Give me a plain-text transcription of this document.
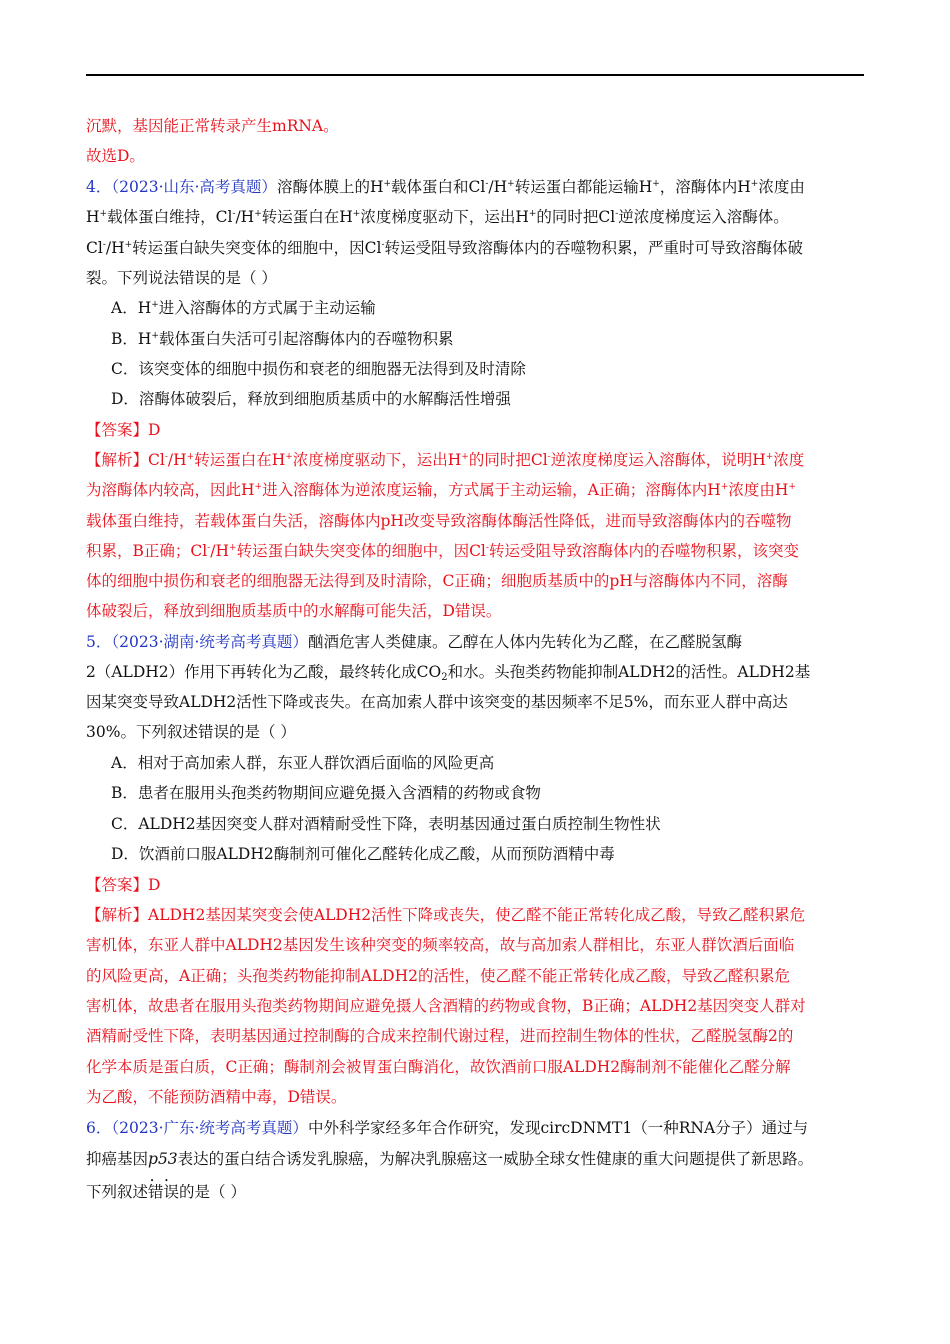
沉默，基因能正常转录产生mRNA。
故选D。
4．（2023·山东·高考真题）溶酶体膜上的H+载体蛋白和Cl-/H+转运蛋白都能运输H+，溶酶体内H+浓度由
H+载体蛋白维持，Cl-/H+转运蛋白在H+浓度梯度驱动下，运出H+的同时把Cl-逆浓度梯度运入溶酶体。
Cl-/H+转运蛋白缺失突变体的细胞中，因Cl-转运受阻导致溶酶体内的吞噬物积累，严重时可导致溶酶体破
裂。下列说法错误的是（ ）
A．H+进入溶酶体的方式属于主动运输
B．H+载体蛋白失活可引起溶酶体内的吞噬物积累
C．该突变体的细胞中损伤和衰老的细胞器无法得到及时清除
D．溶酶体破裂后，释放到细胞质基质中的水解酶活性增强
【答案】D
【解析】Cl-/H+转运蛋白在H+浓度梯度驱动下，运出H+的同时把Cl-逆浓度梯度运入溶酶体，说明H+浓度
为溶酶体内较高，因此H+进入溶酶体为逆浓度运输，方式属于主动运输，A正确；溶酶体内H+浓度由H+
载体蛋白维持，若载体蛋白失活，溶酶体内pH改变导致溶酶体酶活性降低，进而导致溶酶体内的吞噬物
积累，B正确；Cl-/H+转运蛋白缺失突变体的细胞中，因Cl-转运受阻导致溶酶体内的吞噬物积累，该突变
体的细胞中损伤和衰老的细胞器无法得到及时清除，C正确；细胞质基质中的pH与溶酶体内不同，溶酶
体破裂后，释放到细胞质基质中的水解酶可能失活，D错误。
5．（2023·湖南·统考高考真题）酗酒危害人类健康。乙醇在人体内先转化为乙醛，在乙醛脱氢酶
2（ALDH2）作用下再转化为乙酸，最终转化成$CO_2$和水。头孢类药物能抑制ALDH2的活性。ALDH2基
因某突变导致ALDH2活性下降或丧失。在高加索人群中该突变的基因频率不足5%，而东亚人群中高达
30%。下列叙述错误的是（ ）
A．相对于高加索人群，东亚人群饮酒后面临的风险更高
B．患者在服用头孢类药物期间应避免摄入含酒精的药物或食物
C．ALDH2基因突变人群对酒精耐受性下降，表明基因通过蛋白质控制生物性状
D．饮酒前口服ALDH2酶制剂可催化乙醛转化成乙酸，从而预防酒精中毒
【答案】D
【解析】ALDH2基因某突变会使ALDH2活性下降或丧失，使乙醛不能正常转化成乙酸，导致乙醛积累危
害机体，东亚人群中ALDH2基因发生该种突变的频率较高，故与高加索人群相比，东亚人群饮酒后面临
的风险更高，A正确；头孢类药物能抑制ALDH2的活性，使乙醛不能正常转化成乙酸，导致乙醛积累危
害机体，故患者在服用头孢类药物期间应避免摄人含酒精的药物或食物，B正确；ALDH2基因突变人群对
酒精耐受性下降，表明基因通过控制酶的合成来控制代谢过程，进而控制生物体的性状，乙醛脱氢酶2的
化学本质是蛋白质，C正确；酶制剂会被胃蛋白酶消化，故饮酒前口服ALDH2酶制剂不能催化乙醛分解
为乙酸，不能预防酒精中毒，D错误。
6．（2023·广东·统考高考真题）中外科学家经多年合作研究，发现circDNMT1（一种RNA分子）通过与
抑癌基因p53表达的蛋白结合诱发乳腺癌，为解决乳腺癌这一威胁全球女性健康的重大问题提供了新思路。
下列叙述错误 • •的是（ ）
